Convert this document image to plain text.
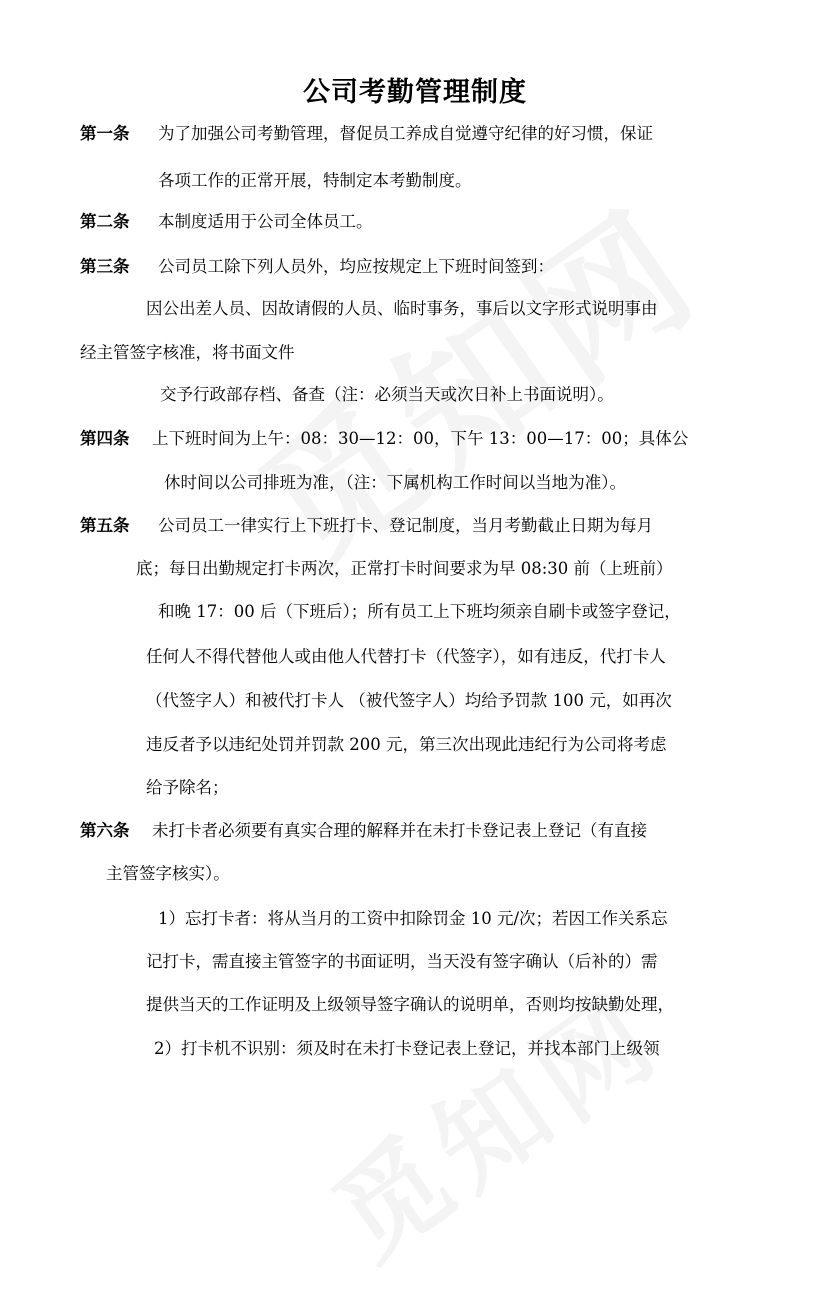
公司考勤管理制度
第一条 为了加强公司考勤管理，督促员工养成自觉遵守纪律的好习惯，保证
各项工作的正常开展，特制定本考勤制度。
第二条 本制度适用于公司全体员工。
第三条 公司员工除下列人员外，均应按规定上下班时间签到：
因公出差人员、因故请假的人员、临时事务，事后以文字形式说明事由
经主管签字核准，将书面文件
交予行政部存档、备查（注：必须当天或次日补上书面说明）。
第四条 上下班时间为上午：08：30—12：00，下午 13：00—17：00；具体公
休时间以公司排班为准，（注：下属机构工作时间以当地为准）。
第五条 公司员工一律实行上下班打卡、登记制度，当月考勤截止日期为每月
底；每日出勤规定打卡两次，正常打卡时间要求为早 08:30 前（上班前）
和晚 17：00 后（下班后）；所有员工上下班均须亲自刷卡或签字登记，
任何人不得代替他人或由他人代替打卡（代签字），如有违反，代打卡人
（代签字人）和被代打卡人 （被代签字人）均给予罚款 100 元，如再次
违反者予以违纪处罚并罚款 200 元，第三次出现此违纪行为公司将考虑
给予除名；
第六条 未打卡者必须要有真实合理的解释并在未打卡登记表上登记（有直接
主管签字核实）。
1）忘打卡者：将从当月的工资中扣除罚金 10 元/次；若因工作关系忘
记打卡，需直接主管签字的书面证明，当天没有签字确认（后补的）需
提供当天的工作证明及上级领导签字确认的说明单，否则均按缺勤处理，
2）打卡机不识别：须及时在未打卡登记表上登记，并找本部门上级领
